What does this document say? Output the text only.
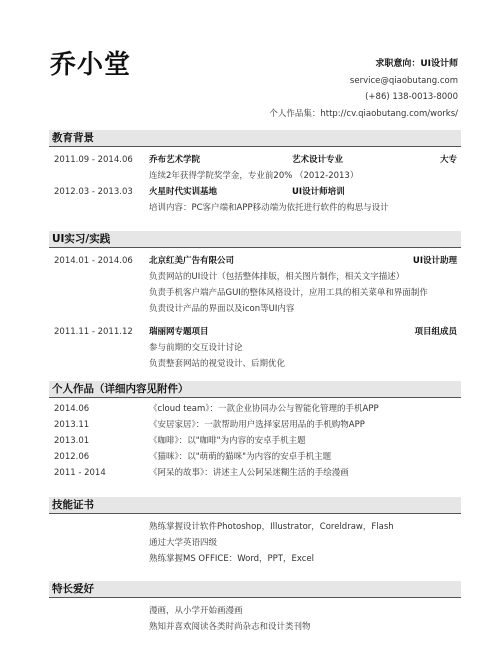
乔小堂	求职意向：UI设计师
service@qiaobutang.com
(+86) 138-0013-8000
个人作品集：http://cv.qiaobutang.com/works/
教育背景
2011.09 - 2014.06 乔布艺术学院	艺术设计专业	大专
连续2年获得学院奖学金，专业前20% （2012-2013）
2012.03 - 2013.03 火星时代实训基地	UI设计师培训
培训内容：PC客户端和APP移动端为依托进行软件的构思与设计
UI实习/实践
2014.01 - 2014.06 北京红美广告有限公司	UI设计助理
负责网站的UI设计（包括整体排版，相关图片制作，相关文字描述）
负责手机客户端产品GUI的整体风格设计，应用工具的相关菜单和界面制作
负责设计产品的界面以及icon等UI内容
2011.11 - 2011.12 瑞丽网专题项目	项目组成员
参与前期的交互设计讨论
负责整套网站的视觉设计、后期优化
个人作品（详细内容见附件）
2014.06	《cloud team》：一款企业协同办公与智能化管理的手机APP
2013.11	《安居家居》：一款帮助用户选择家居用品的手机购物APP
2013.01	《咖啡》：以"咖啡"为内容的安卓手机主题
2012.06	《猫咪》：以"萌萌的猫咪"为内容的安卓手机主题
2011 - 2014	《阿呆的故事》：讲述主人公阿呆迷糊生活的手绘漫画
技能证书
熟练掌握设计软件Photoshop，Illustrator，Coreldraw，Flash
通过大学英语四级
熟练掌握MS OFFICE：Word，PPT，Excel
特长爱好
漫画，从小学开始画漫画
熟知并喜欢阅读各类时尚杂志和设计类刊物
